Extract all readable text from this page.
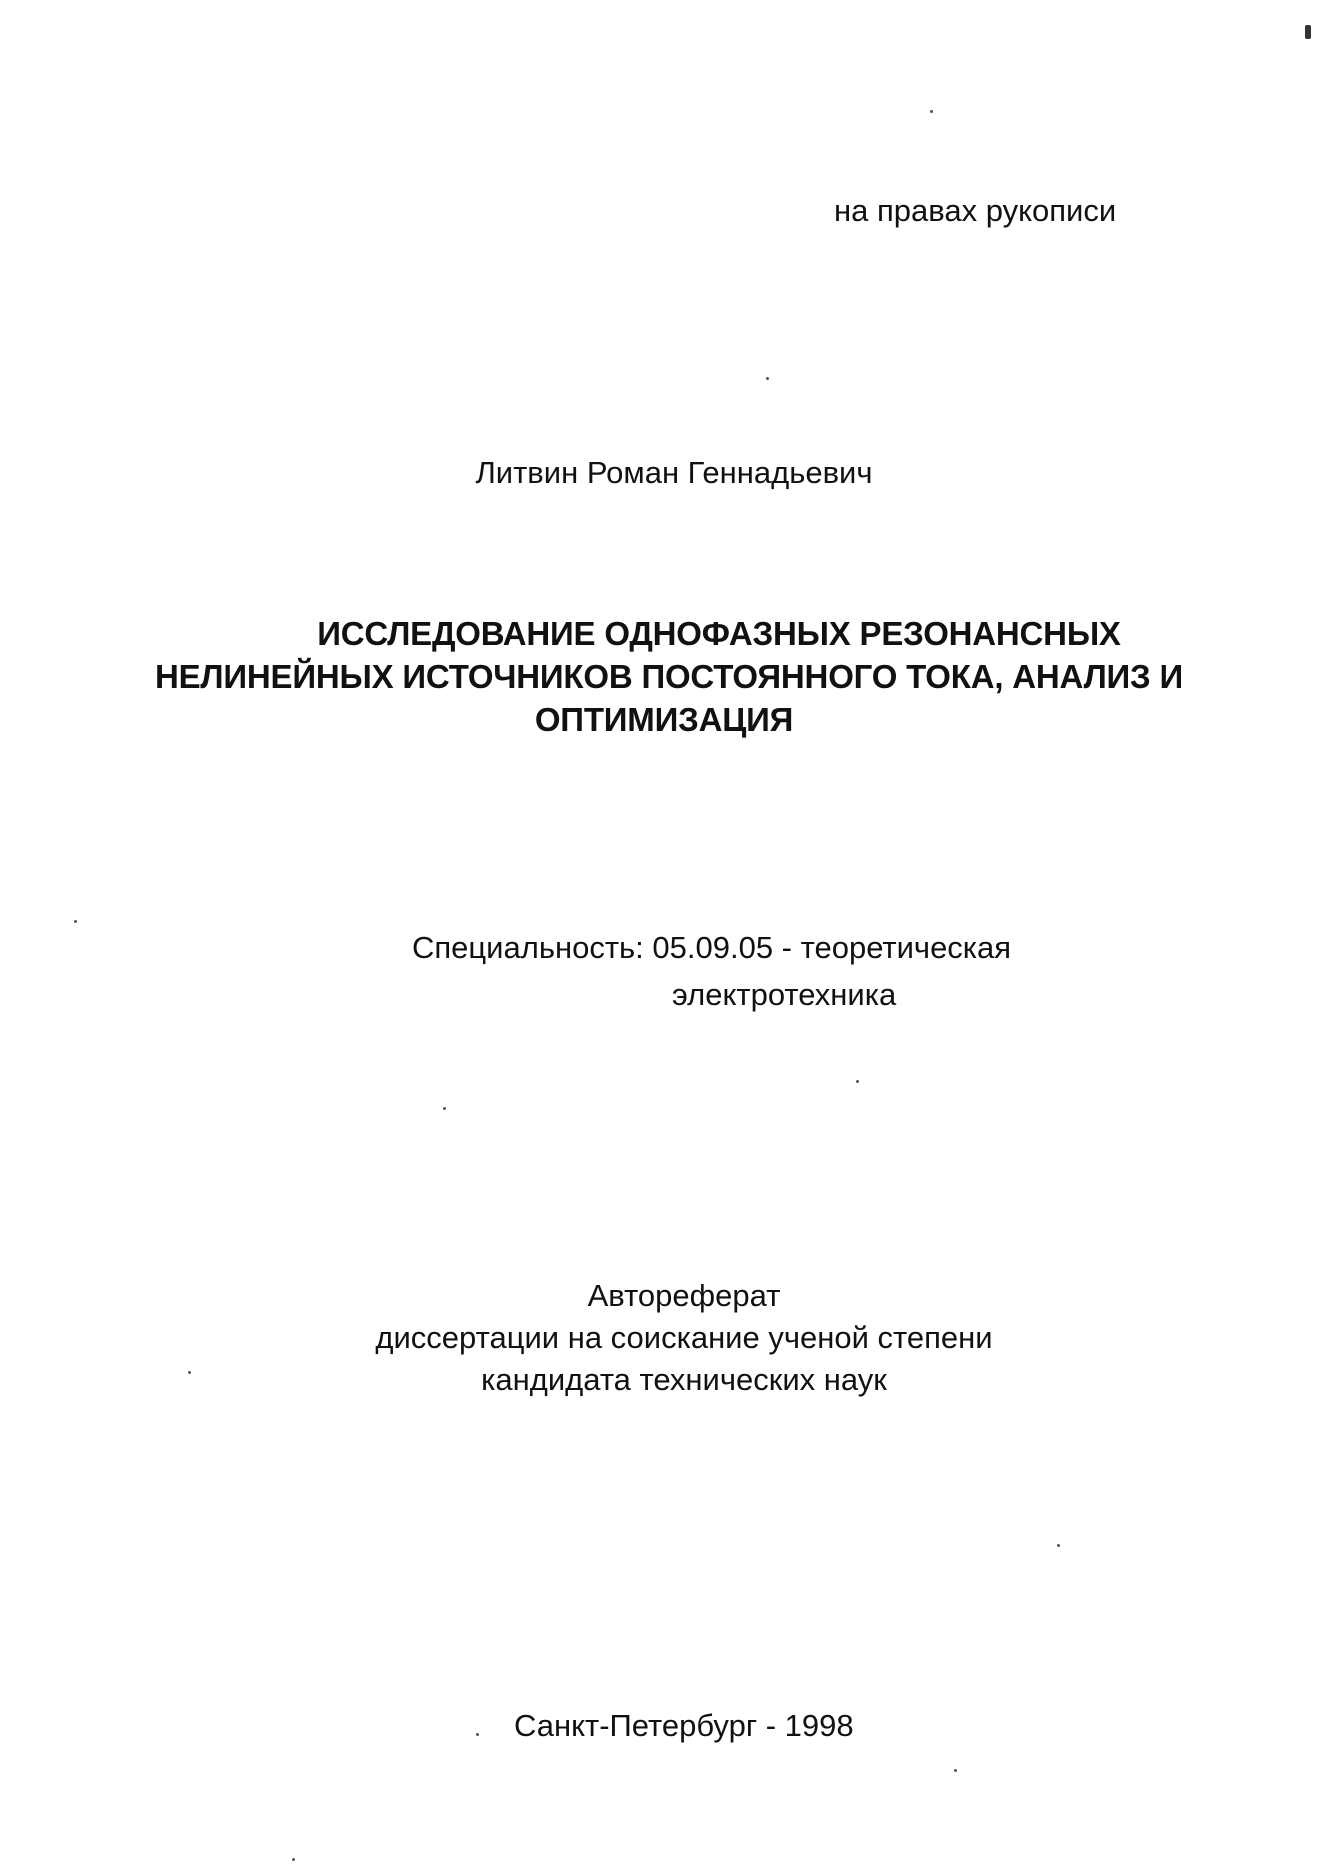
на правах рукописи
Литвин Роман Геннадьевич
ИССЛЕДОВАНИЕ ОДНОФАЗНЫХ РЕЗОНАНСНЫХ
НЕЛИНЕЙНЫХ ИСТОЧНИКОВ ПОСТОЯННОГО ТОКА, АНАЛИЗ И
ОПТИМИЗАЦИЯ
Специальность: 05.09.05 - теоретическая
электротехника
Автореферат
диссертации на соискание ученой степени
кандидата технических наук
Санкт-Петербург - 1998
